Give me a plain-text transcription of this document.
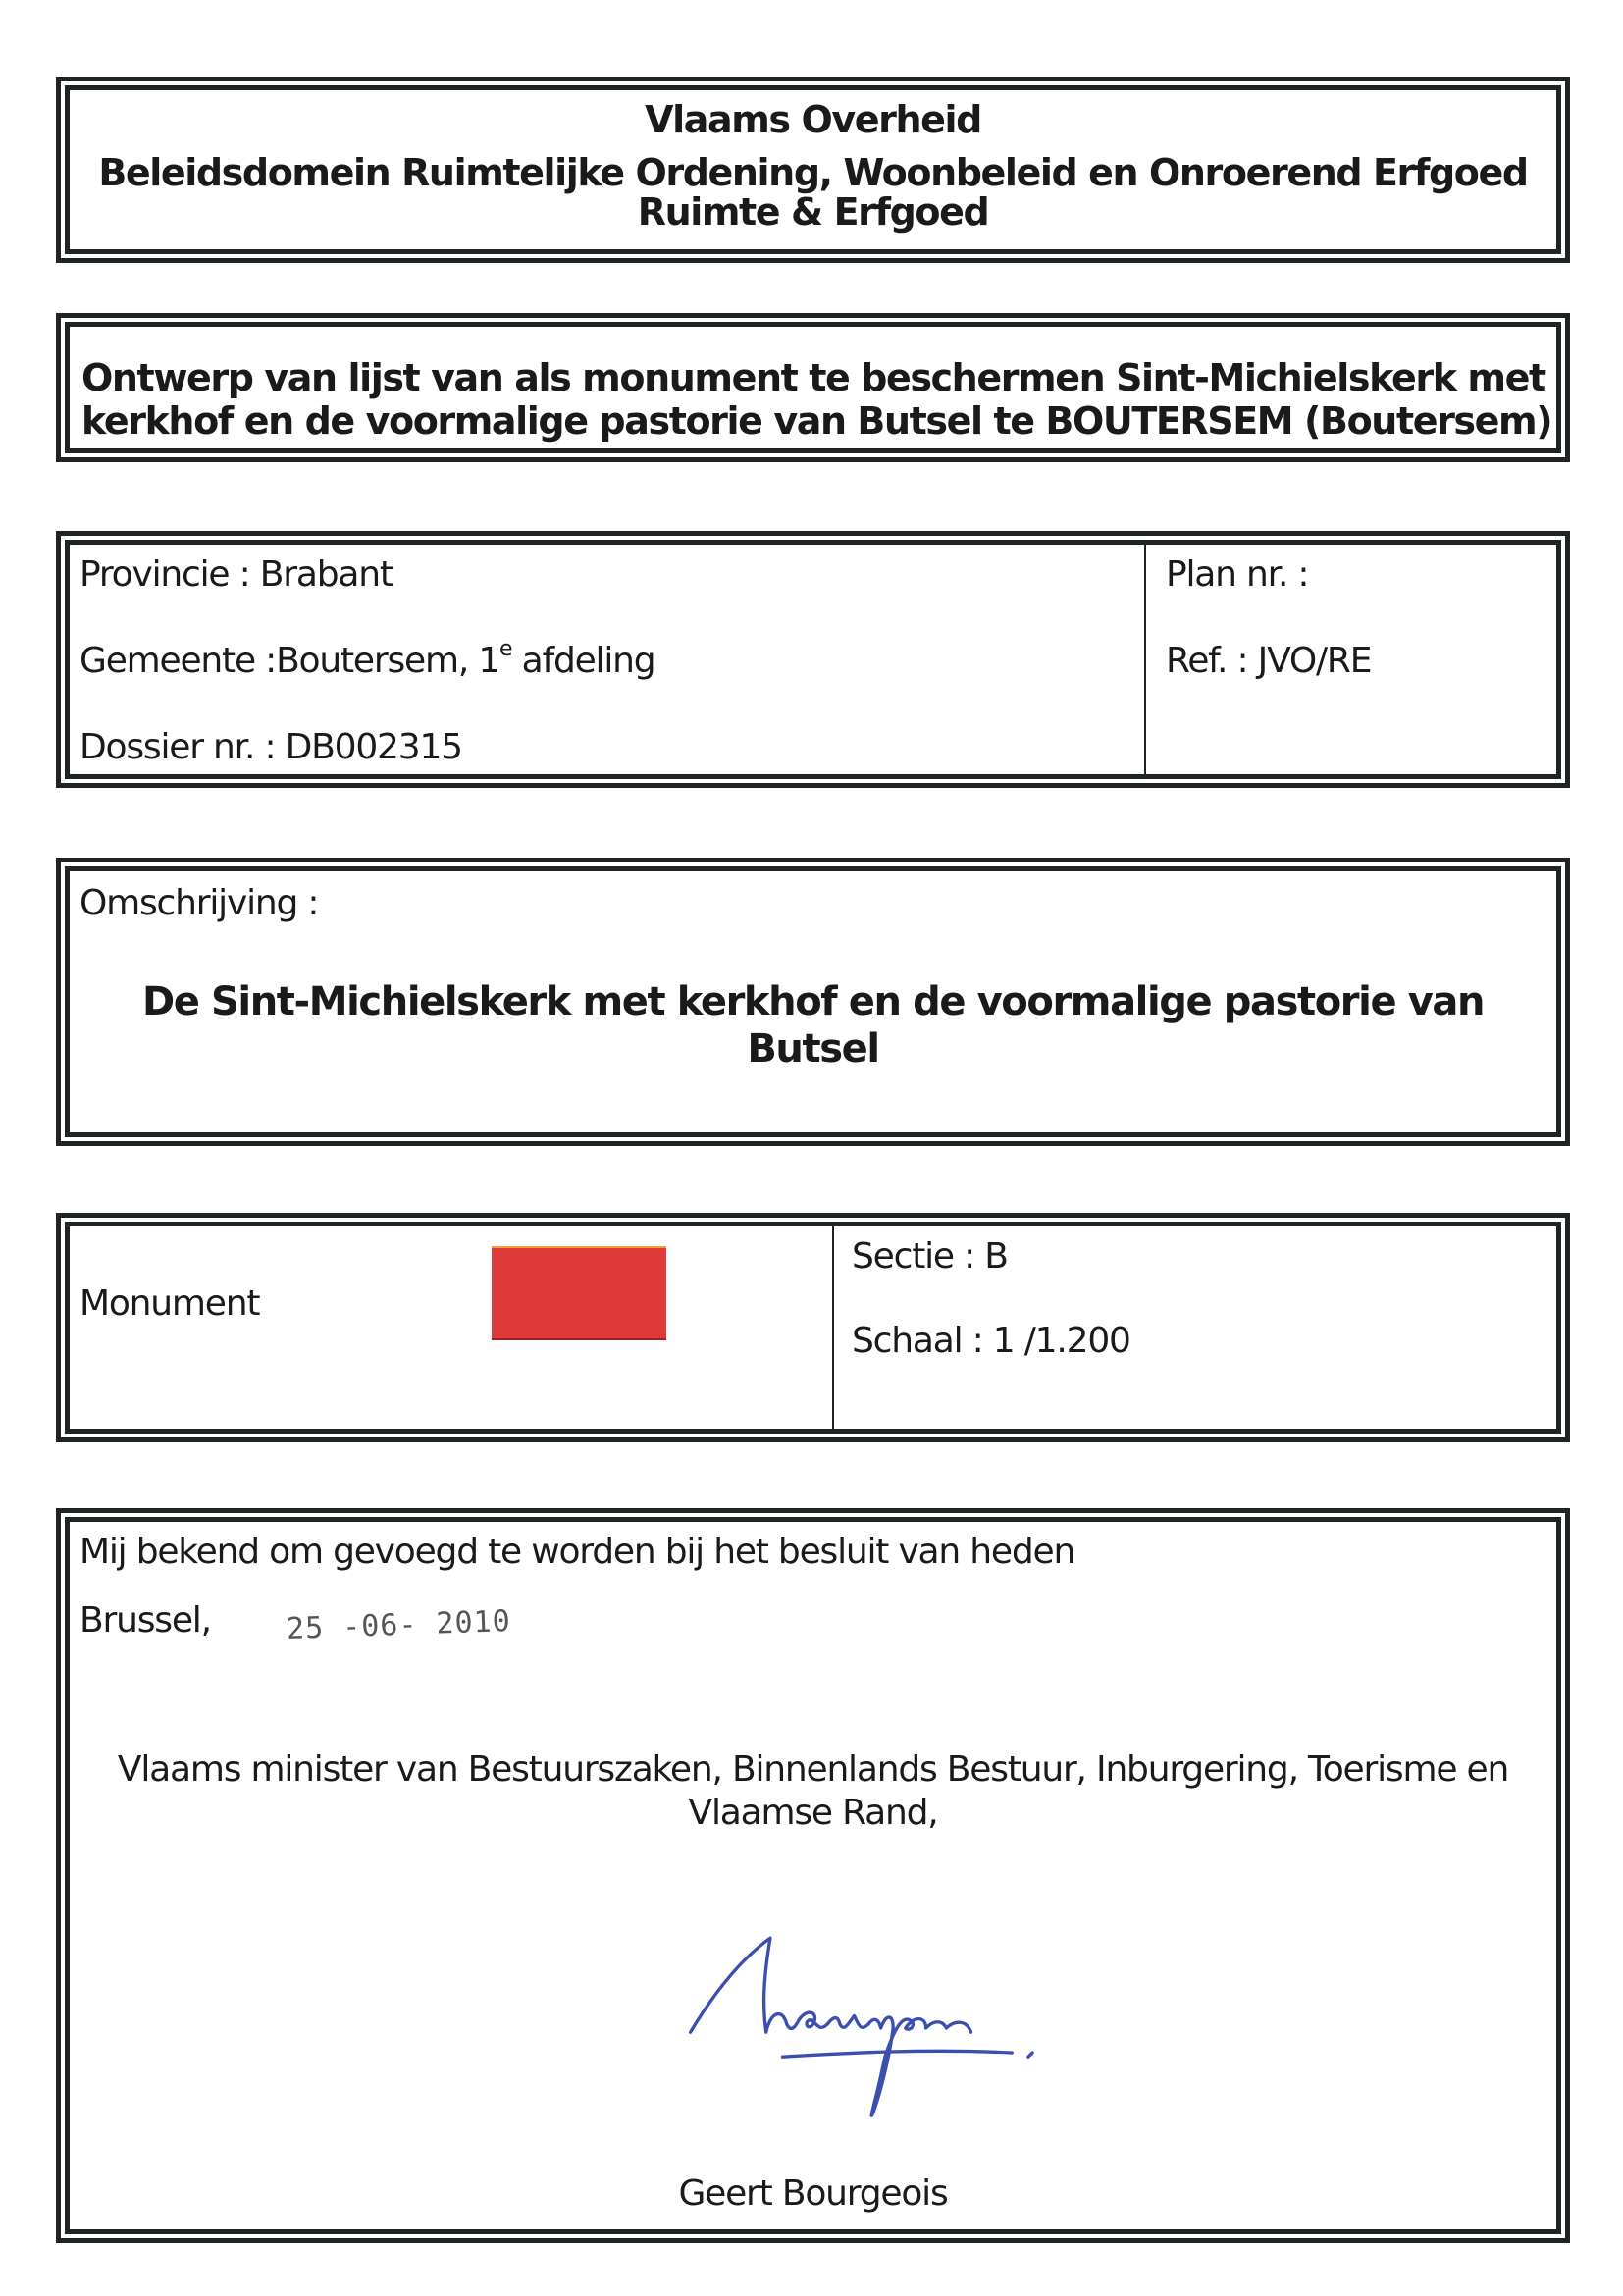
Vlaams Overheid
Beleidsdomein Ruimtelijke Ordening, Woonbeleid en Onroerend Erfgoed
Ruimte & Erfgoed
Ontwerp van lijst van als monument te beschermen Sint-Michielskerk met
kerkhof en de voormalige pastorie van Butsel te BOUTERSEM (Boutersem)
Provincie : Brabant
Gemeente :Boutersem, 1e afdeling
Dossier nr. : DB002315
Plan nr. :
Ref. : JVO/RE
Omschrijving :
De Sint-Michielskerk met kerkhof en de voormalige pastorie van
Butsel
Monument
Sectie : B
Schaal : 1 /1.200
Mij bekend om gevoegd te worden bij het besluit van heden
Brussel,	25 -06- 2010
Vlaams minister van Bestuurszaken, Binnenlands Bestuur, Inburgering, Toerisme en
Vlaamse Rand,
Geert Bourgeois
